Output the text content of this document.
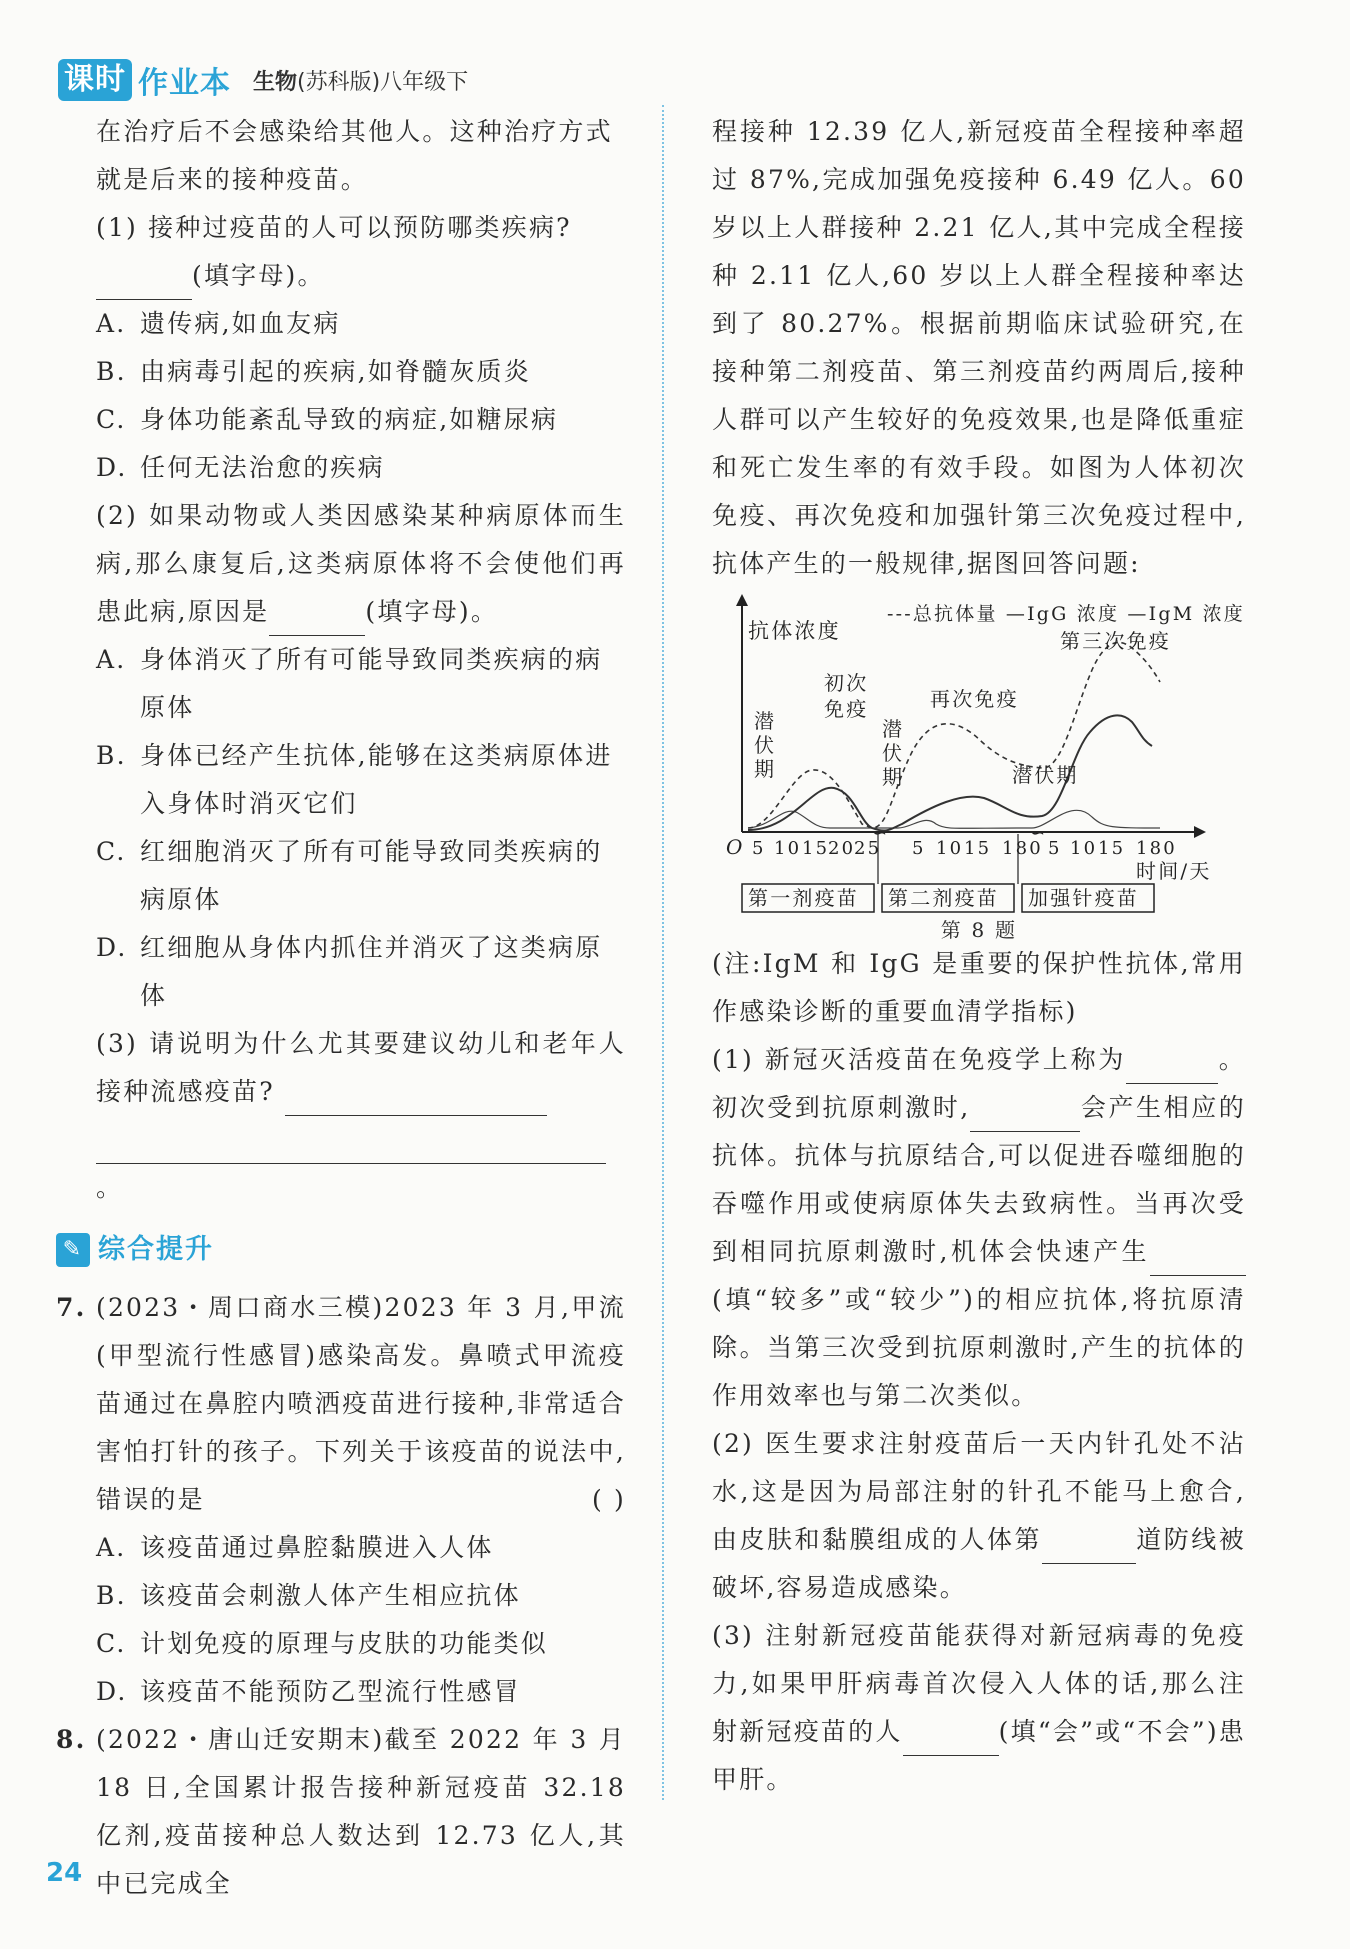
课时 作业本 生物(苏科版)八年级下

在治疗后不会感染给其他人。这种治疗方式

就是后来的接种疫苗。

(1) 接种过疫苗的人可以预防哪类疾病?

(填字母)。

A. 遗传病,如血友病
B. 由病毒引起的疾病,如脊髓灰质炎
C. 身体功能紊乱导致的病症,如糖尿病
D. 任何无法治愈的疾病

(2) 如果动物或人类因感染某种病原体而生病,那么康复后,这类病原体将不会使他们再患此病,原因是	(填字母)。

A. 身体消灭了所有可能导致同类疾病的病原体
B. 身体已经产生抗体,能够在这类病原体进入身体时消灭它们
C. 红细胞消灭了所有可能导致同类疾病的病原体
D. 红细胞从身体内抓住并消灭了这类病原体

(3) 请说明为什么尤其要建议幼儿和老年人接种流感疫苗?

。

✎ 综合提升
7. (2023・周口商水三模)2023 年 3 月,甲流(甲型流行性感冒)感染高发。鼻喷式甲流疫苗通过在鼻腔内喷洒疫苗进行接种,非常适合害怕打针的孩子。下列关于该疫苗的说法中,错误的是	( )
A. 该疫苗通过鼻腔黏膜进入人体
B. 该疫苗会刺激人体产生相应抗体
C. 计划免疫的原理与皮肤的功能类似
D. 该疫苗不能预防乙型流行性感冒
8. (2022・唐山迁安期末)截至 2022 年 3 月 18 日,全国累计报告接种新冠疫苗 32.18 亿剂,疫苗接种总人数达到 12.73 亿人,其中已完成全

程接种 12.39 亿人,新冠疫苗全程接种率超过 87%,完成加强免疫接种 6.49 亿人。60 岁以上人群接种 2.21 亿人,其中完成全程接种 2.11 亿人,60 岁以上人群全程接种率达到了 80.27%。根据前期临床试验研究,在接种第二剂疫苗、第三剂疫苗约两周后,接种人群可以产生较好的免疫效果,也是降低重症和死亡发生率的有效手段。如图为人体初次免疫、再次免疫和加强针第三次免疫过程中,抗体产生的一般规律,据图回答问题:

∽	∽
O
抗体浓度
---总抗体量 —IgG 浓度 —IgM 浓度
潜
伏
期
初次
免疫
潜
伏
期
再次免疫
潜伏期
第三次免疫
5 10 15
20
25 5 10 15 180 5 10 15 180
时间/天
第一剂疫苗 第二剂疫苗 加强针疫苗
第 8 题

(注:IgM 和 IgG 是重要的保护性抗体,常用作感染诊断的重要血清学指标)

(1) 新冠灭活疫苗在免疫学上称为	。初次受到抗原刺激时,	会产生相应的抗体。抗体与抗原结合,可以促进吞噬细胞的吞噬作用或使病原体失去致病性。当再次受到相同抗原刺激时,机体会快速产生(填“较多”或“较少”)的相应抗体,将抗原清除。当第三次受到抗原刺激时,产生的抗体的作用效率也与第二次类似。

(2) 医生要求注射疫苗后一天内针孔处不沾水,这是因为局部注射的针孔不能马上愈合,由皮肤和黏膜组成的人体第	道防线被破坏,容易造成感染。

(3) 注射新冠疫苗能获得对新冠病毒的免疫力,如果甲肝病毒首次侵入人体的话,那么注射新冠疫苗的人	(填“会”或“不会”)患甲肝。

24
